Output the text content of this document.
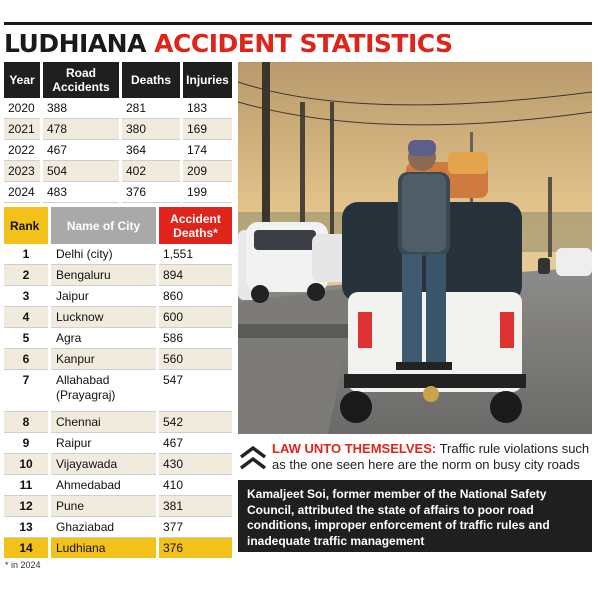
LUDHIANA ACCIDENT STATISTICS
Year	Road Accidents	Deaths	Injuries
2020	388	281	183
2021	478	380	169
2022	467	364	174
2023	504	402	209
2024	483	376	199
Rank	Name of City	Accident Deaths*
1	Delhi (city)	1,551
2	Bengaluru	894
3	Jaipur	860
4	Lucknow	600
5	Agra	586
6	Kanpur	560
7	Allahabad (Prayagraj)	547
8	Chennai	542
9	Raipur	467
10	Vijayawada	430
11	Ahmedabad	410
12	Pune	381
13	Ghaziabad	377
14	Ludhiana	376
* in 2024
LAW UNTO THEMSELVES: Traffic rule violations such as the one seen here are the norm on busy city roads

Kamaljeet Soi, former member of the National Safety Council, attributed the state of affairs to poor road conditions, improper enforcement of traffic rules and inadequate traffic management
